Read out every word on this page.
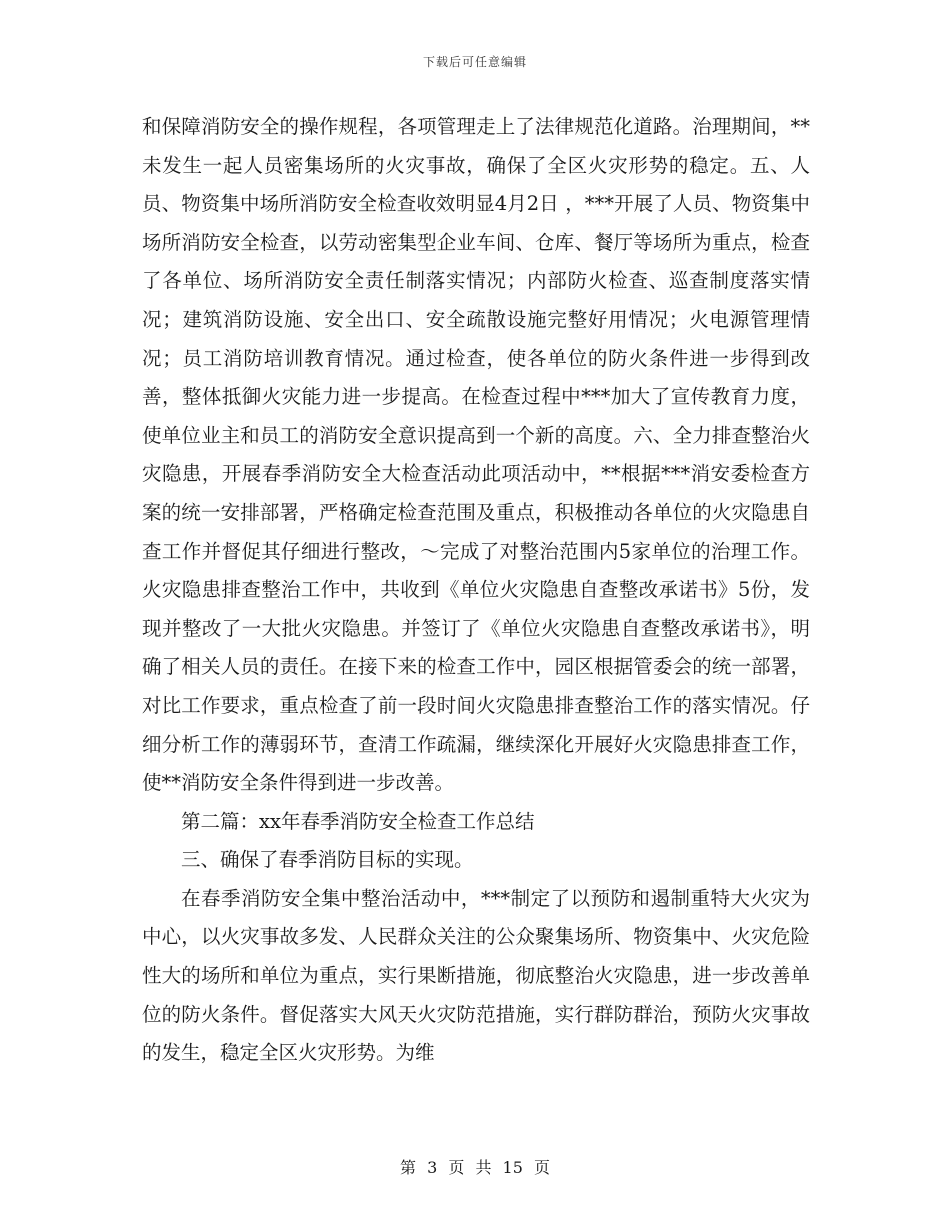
下载后可任意编辑

和保障消防安全的操作规程，各项管理走上了法律规范化道路。治理期间，**未发生一起人员密集场所的火灾事故，确保了全区火灾形势的稳定。五、人员、物资集中场所消防安全检查收效明显4月2日 ，***开展了人员、物资集中场所消防安全检查，以劳动密集型企业车间、仓库、餐厅等场所为重点，检查了各单位、场所消防安全责任制落实情况；内部防火检查、巡查制度落实情况；建筑消防设施、安全出口、安全疏散设施完整好用情况；火电源管理情况；员工消防培训教育情况。通过检查，使各单位的防火条件进一步得到改善，整体抵御火灾能力进一步提高。在检查过程中***加大了宣传教育力度，使单位业主和员工的消防安全意识提高到一个新的高度。六、全力排查整治火灾隐患，开展春季消防安全大检查活动此项活动中，**根据***消安委检查方案的统一安排部署，严格确定检查范围及重点，积极推动各单位的火灾隐患自查工作并督促其仔细进行整改，～完成了对整治范围内5家单位的治理工作。火灾隐患排查整治工作中，共收到《单位火灾隐患自查整改承诺书》5份，发现并整改了一大批火灾隐患。并签订了《单位火灾隐患自查整改承诺书》，明确了相关人员的责任。在接下来的检查工作中，园区根据管委会的统一部署，对比工作要求，重点检查了前一段时间火灾隐患排查整治工作的落实情况。仔细分析工作的薄弱环节，查清工作疏漏，继续深化开展好火灾隐患排查工作，使**消防安全条件得到进一步改善。

第二篇：xx年春季消防安全检查工作总结

三、确保了春季消防目标的实现。

在春季消防安全集中整治活动中，***制定了以预防和遏制重特大火灾为中心，以火灾事故多发、人民群众关注的公众聚集场所、物资集中、火灾危险性大的场所和单位为重点，实行果断措施，彻底整治火灾隐患，进一步改善单位的防火条件。督促落实大风天火灾防范措施，实行群防群治，预防火灾事故的发生，稳定全区火灾形势。为维

第 3 页 共 15 页
